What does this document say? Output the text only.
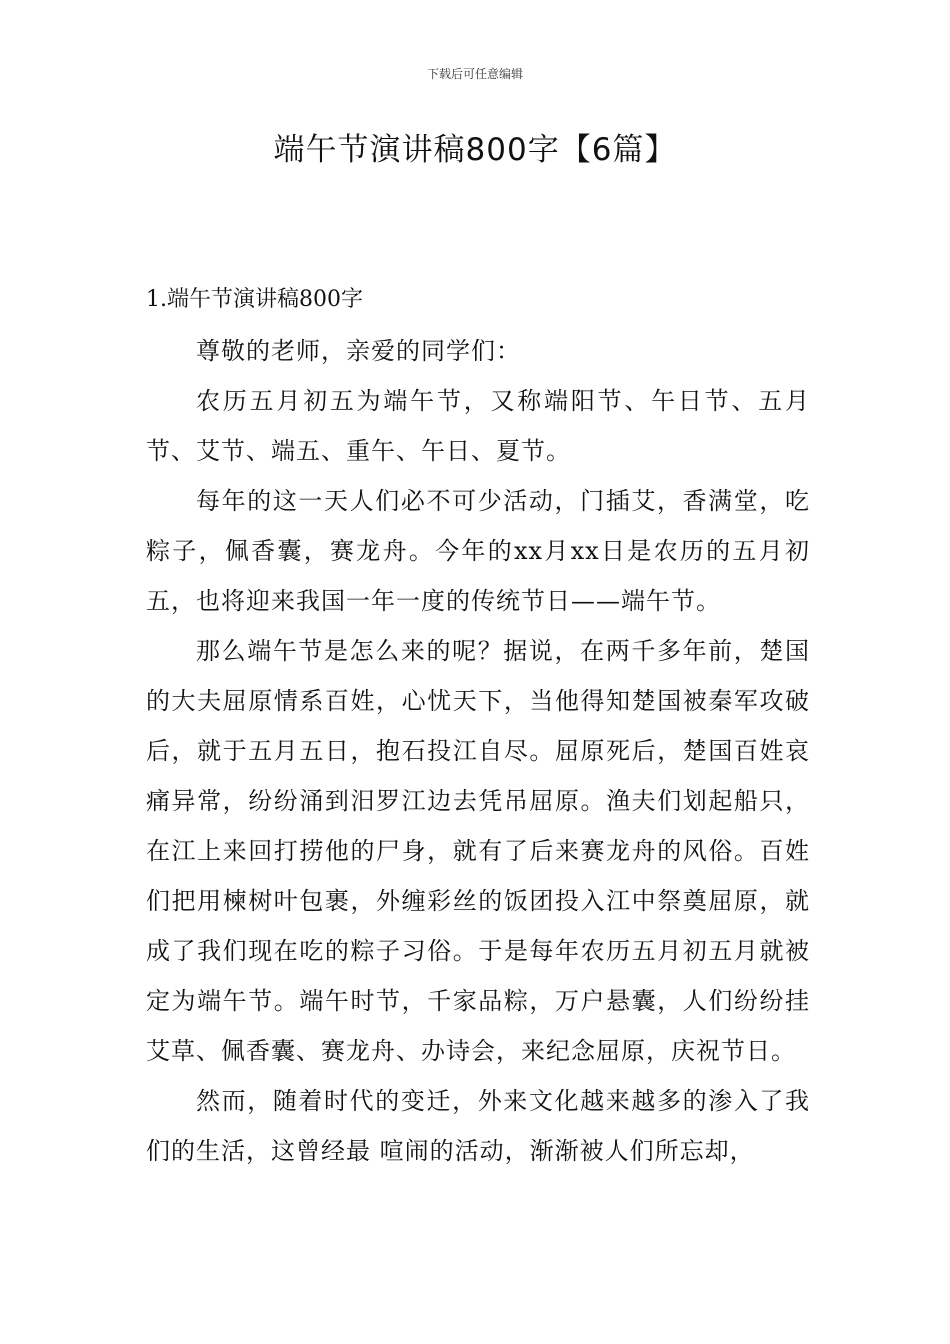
下载后可任意编辑
端午节演讲稿800字【6篇】
1.端午节演讲稿800字

尊敬的老师，亲爱的同学们：

农历五月初五为端午节，又称端阳节、午日节、五月节、艾节、端五、重午、午日、夏节。

每年的这一天人们必不可少活动，门插艾，香满堂，吃粽子，佩香囊，赛龙舟。今年的xx月xx日是农历的五月初五，也将迎来我国一年一度的传统节日——端午节。

那么端午节是怎么来的呢？据说，在两千多年前，楚国的大夫屈原情系百姓，心忧天下，当他得知楚国被秦军攻破后，就于五月五日，抱石投江自尽。屈原死后，楚国百姓哀痛异常，纷纷涌到汨罗江边去凭吊屈原。渔夫们划起船只，在江上来回打捞他的尸身，就有了后来赛龙舟的风俗。百姓们把用楝树叶包裹，外缠彩丝的饭团投入江中祭奠屈原，就成了我们现在吃的粽子习俗。于是每年农历五月初五月就被定为端午节。端午时节，千家品粽，万户悬囊，人们纷纷挂艾草、佩香囊、赛龙舟、办诗会，来纪念屈原，庆祝节日。

然而，随着时代的变迁，外来文化越来越多的渗入了我们的生活，这曾经最 喧闹的活动，渐渐被人们所忘却，
